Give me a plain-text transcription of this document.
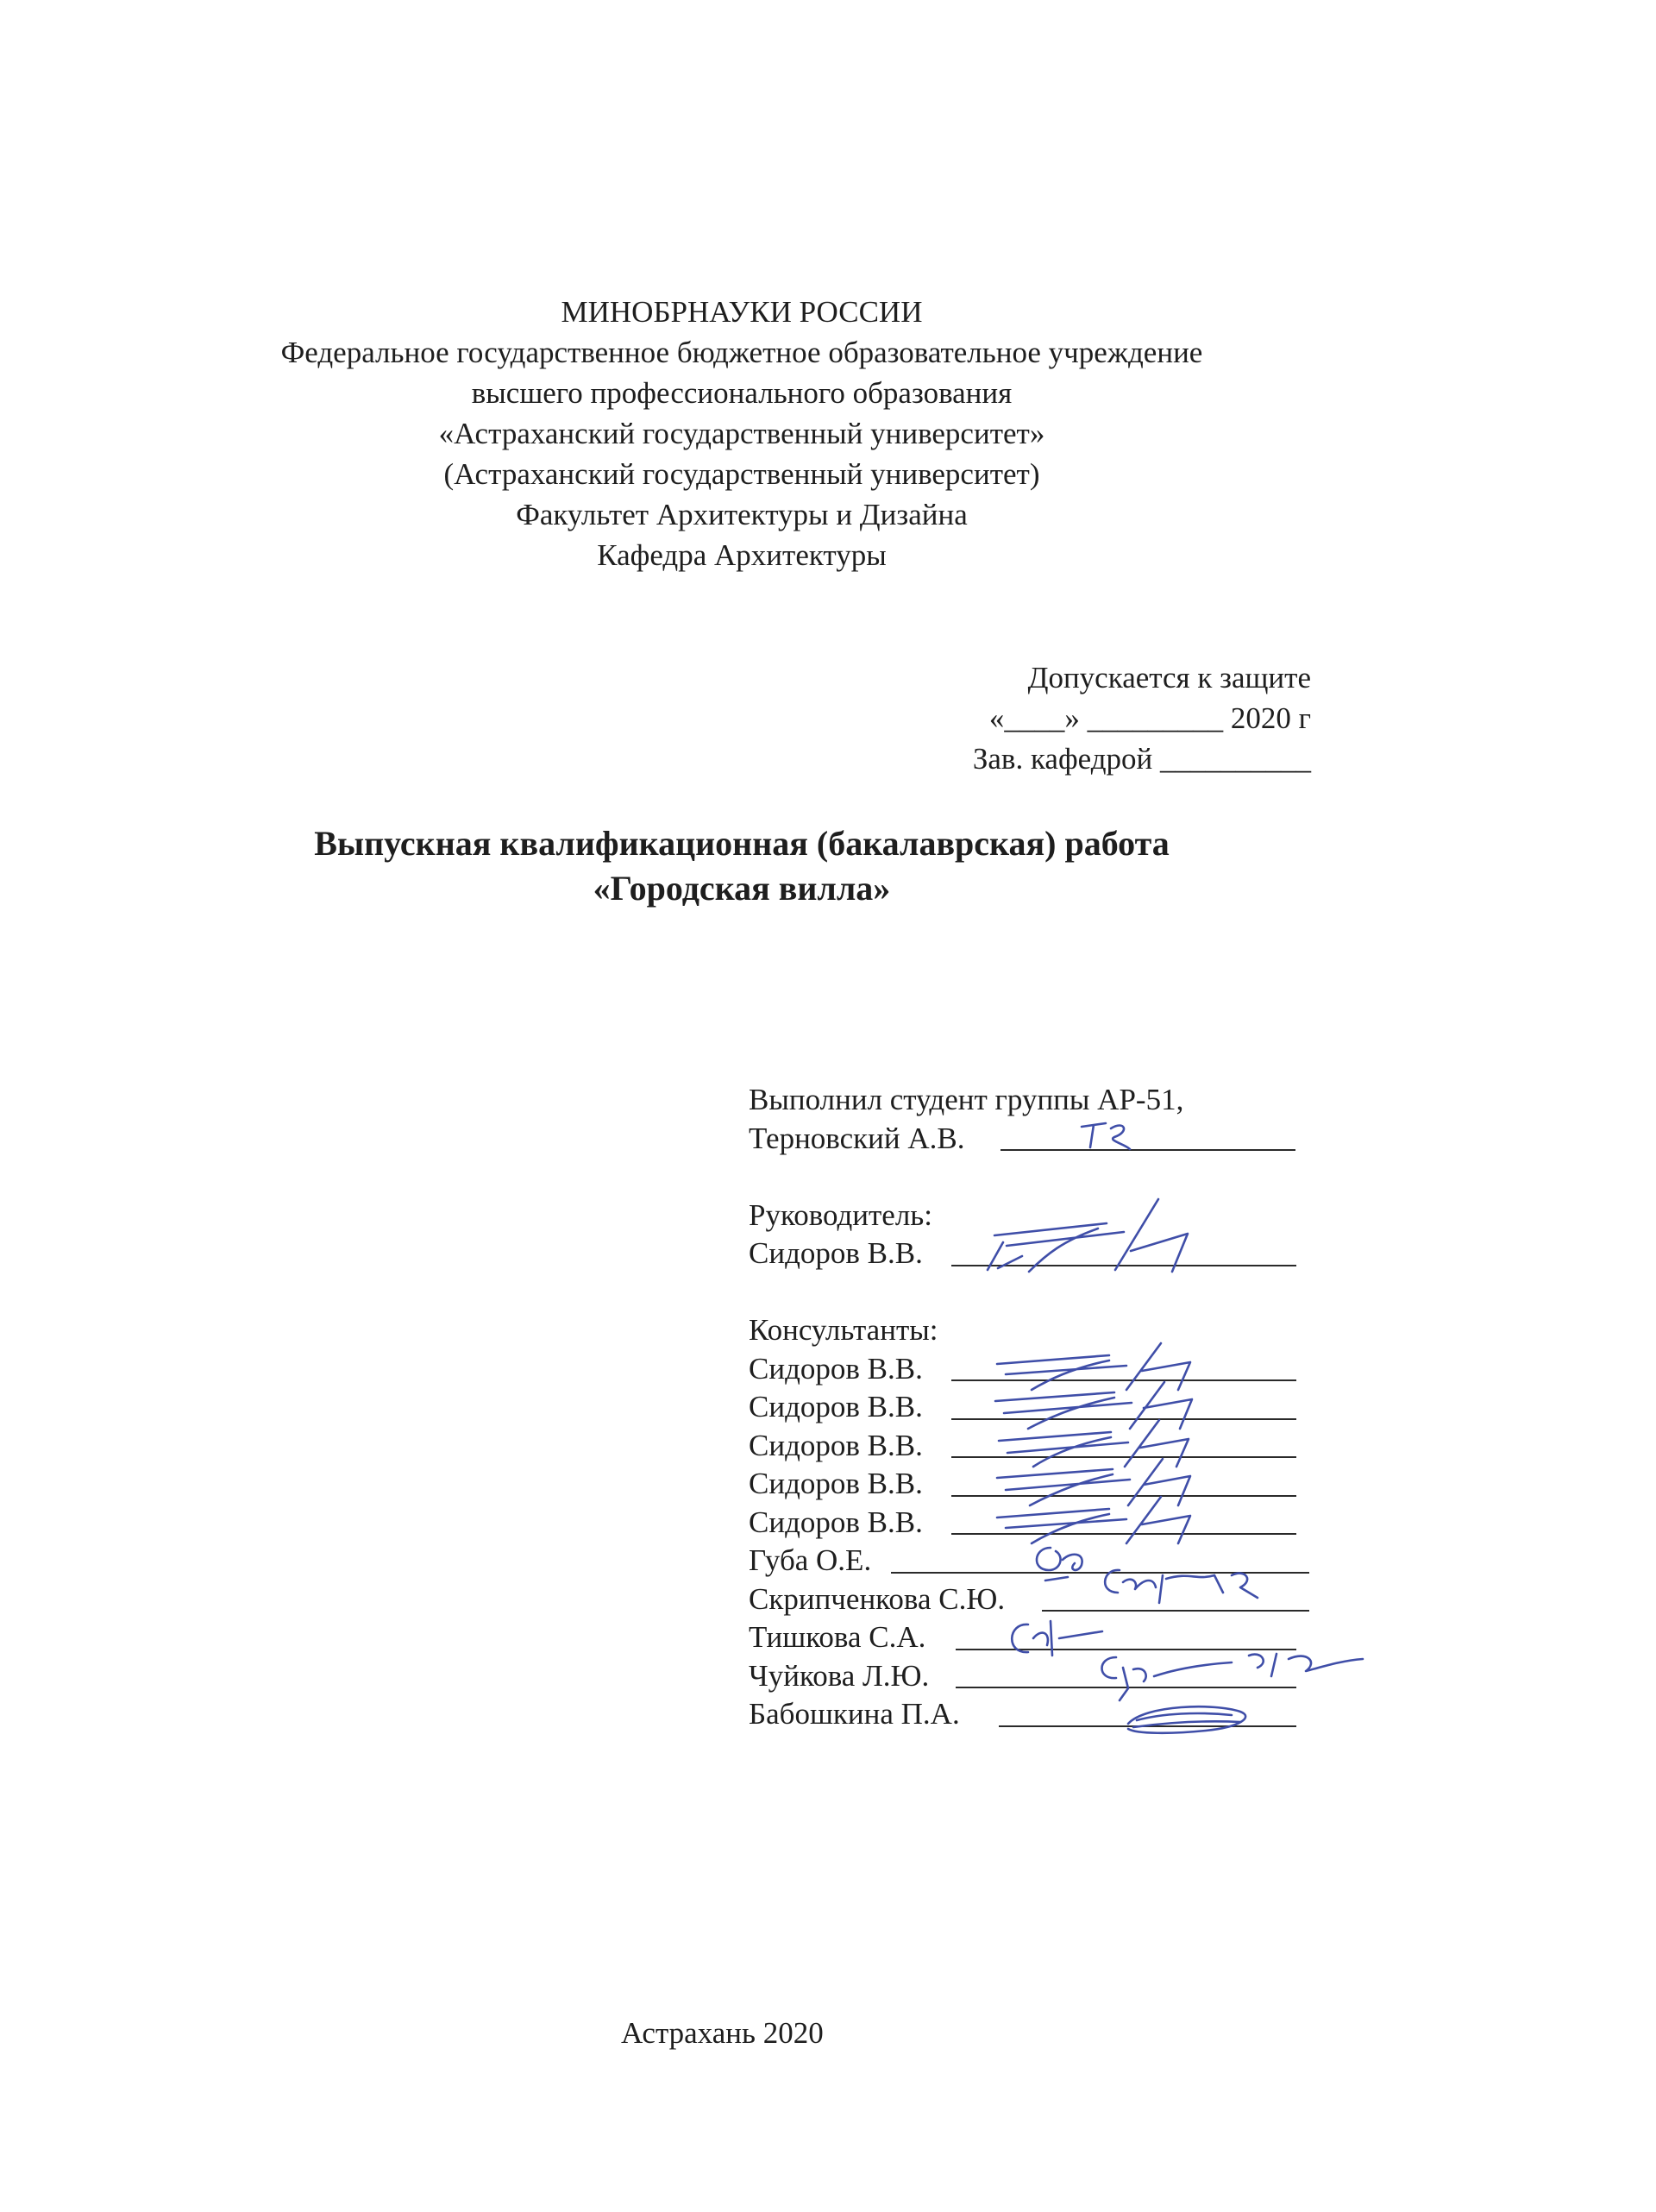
МИНОБРНАУКИ РОССИИ
Федеральное государственное бюджетное образовательное учреждение
высшего профессионального образования
«Астраханский государственный университет»
(Астраханский государственный университет)
Факультет Архитектуры и Дизайна
Кафедра Архитектуры
Допускается к защите
«____» _________ 2020 г
Зав. кафедрой __________
Выпускная квалификационная (бакалаврская) работа
«Городская вилла»
Выполнил студент группы АР-51,
Терновский А.В.
Руководитель:
Сидоров В.В.
Консультанты:
Сидоров В.В.
Сидоров В.В.
Сидоров В.В.
Сидоров В.В.
Сидоров В.В.
Губа О.Е.
Скрипченкова С.Ю.
Тишкова С.А.
Чуйкова Л.Ю.
Бабошкина П.А.
Астрахань 2020
